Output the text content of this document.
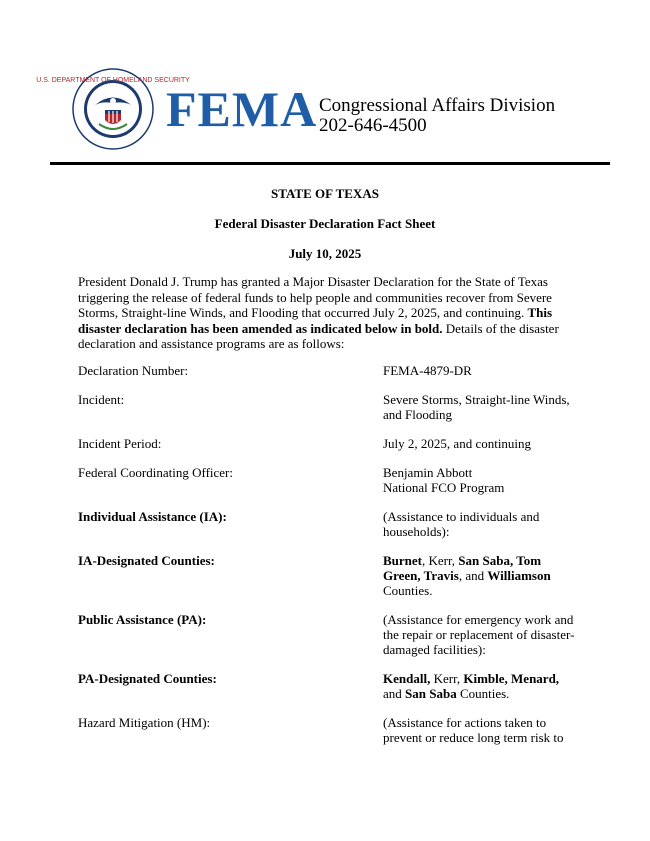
U.S. DEPARTMENT OF HOMELAND SECURITY
FEMA Congressional Affairs Division
202-646-4500
STATE OF TEXAS
Federal Disaster Declaration Fact Sheet
July 10, 2025
President Donald J. Trump has granted a Major Disaster Declaration for the State of Texas triggering the release of federal funds to help people and communities recover from Severe Storms, Straight-line Winds, and Flooding that occurred July 2, 2025, and continuing. This disaster declaration has been amended as indicated below in bold. Details of the disaster declaration and assistance programs are as follows:
Declaration Number:	FEMA-4879-DR
Incident:	Severe Storms, Straight-line Winds, and Flooding
Incident Period:	July 2, 2025, and continuing
Federal Coordinating Officer:	Benjamin Abbott
National FCO Program
Individual Assistance (IA):	(Assistance to individuals and households):
IA-Designated Counties:	Burnet, Kerr, San Saba, Tom Green, Travis, and Williamson Counties.
Public Assistance (PA):	(Assistance for emergency work and the repair or replacement of disaster-damaged facilities):
PA-Designated Counties:	Kendall, Kerr, Kimble, Menard, and San Saba Counties.
Hazard Mitigation (HM):	(Assistance for actions taken to prevent or reduce long term risk to
